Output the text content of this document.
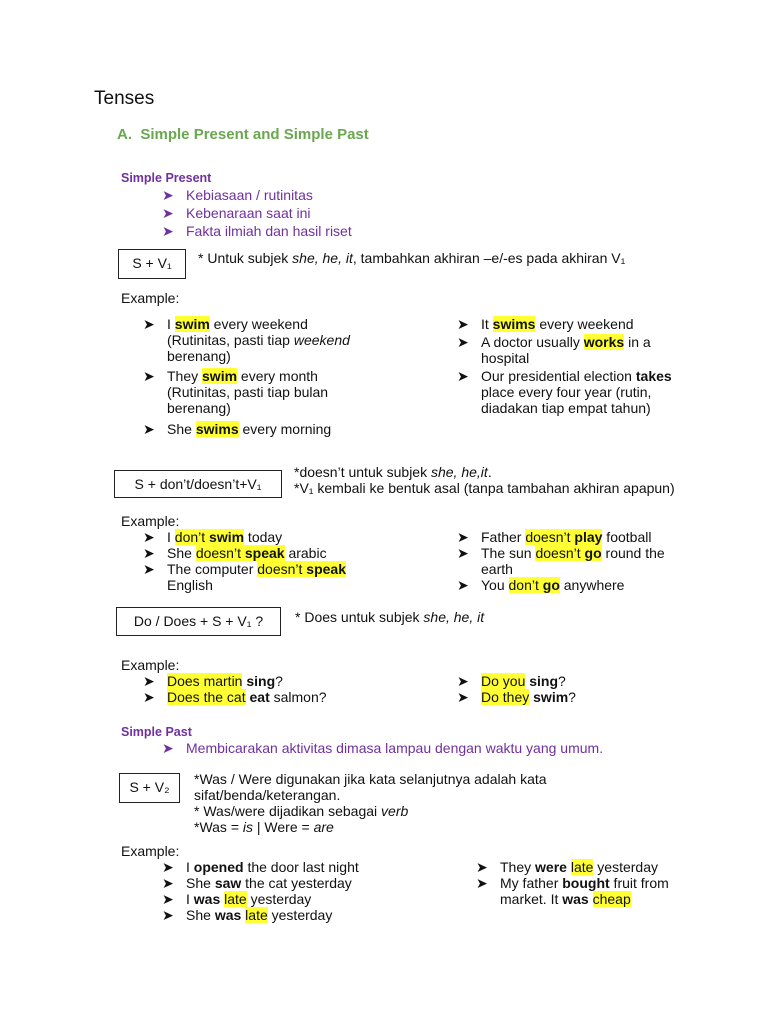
Tenses
A. Simple Present and Simple Past
Simple Present
➤ Kebiasaan / rutinitas
➤ Kebenaraan saat ini
➤ Fakta ilmiah dan hasil riset
S + V₁	* Untuk subjek she, he, it, tambahkan akhiran –e/-es pada akhiran V₁
Example:
➤ I swim every weekend
(Rutinitas, pasti tiap weekend
berenang)
➤ They swim every month
(Rutinitas, pasti tiap bulan
berenang)
➤ She swims every morning
➤ It swims every weekend
➤ A doctor usually works in a
hospital
➤ Our presidential election takes
place every four year (rutin,
diadakan tiap empat tahun)
S + don’t/doesn’t+V₁
*doesn’t untuk subjek she, he,it.
*V₁ kembali ke bentuk asal (tanpa tambahan akhiran apapun)
Example:
➤ I don’t swim today
➤ She doesn’t speak arabic
➤ The computer doesn’t speak
English
➤ Father doesn’t play football
➤ The sun doesn’t go round the
earth
➤ You don’t go anywhere
Do / Does + S + V₁ ?	* Does untuk subjek she, he, it
Example:
➤ Does martin sing?
➤ Does the cat eat salmon?
➤ Do you sing?
➤ Do they swim?
Simple Past
➤ Membicarakan aktivitas dimasa lampau dengan waktu yang umum.
S + V₂	*Was / Were digunakan jika kata selanjutnya adalah kata
sifat/benda/keterangan.
* Was/were dijadikan sebagai verb
*Was = is | Were = are
Example:
➤ I opened the door last night
➤ She saw the cat yesterday
➤ I was late yesterday
➤ She was late yesterday
➤ They were late yesterday
➤ My father bought fruit from
market. It was cheap
